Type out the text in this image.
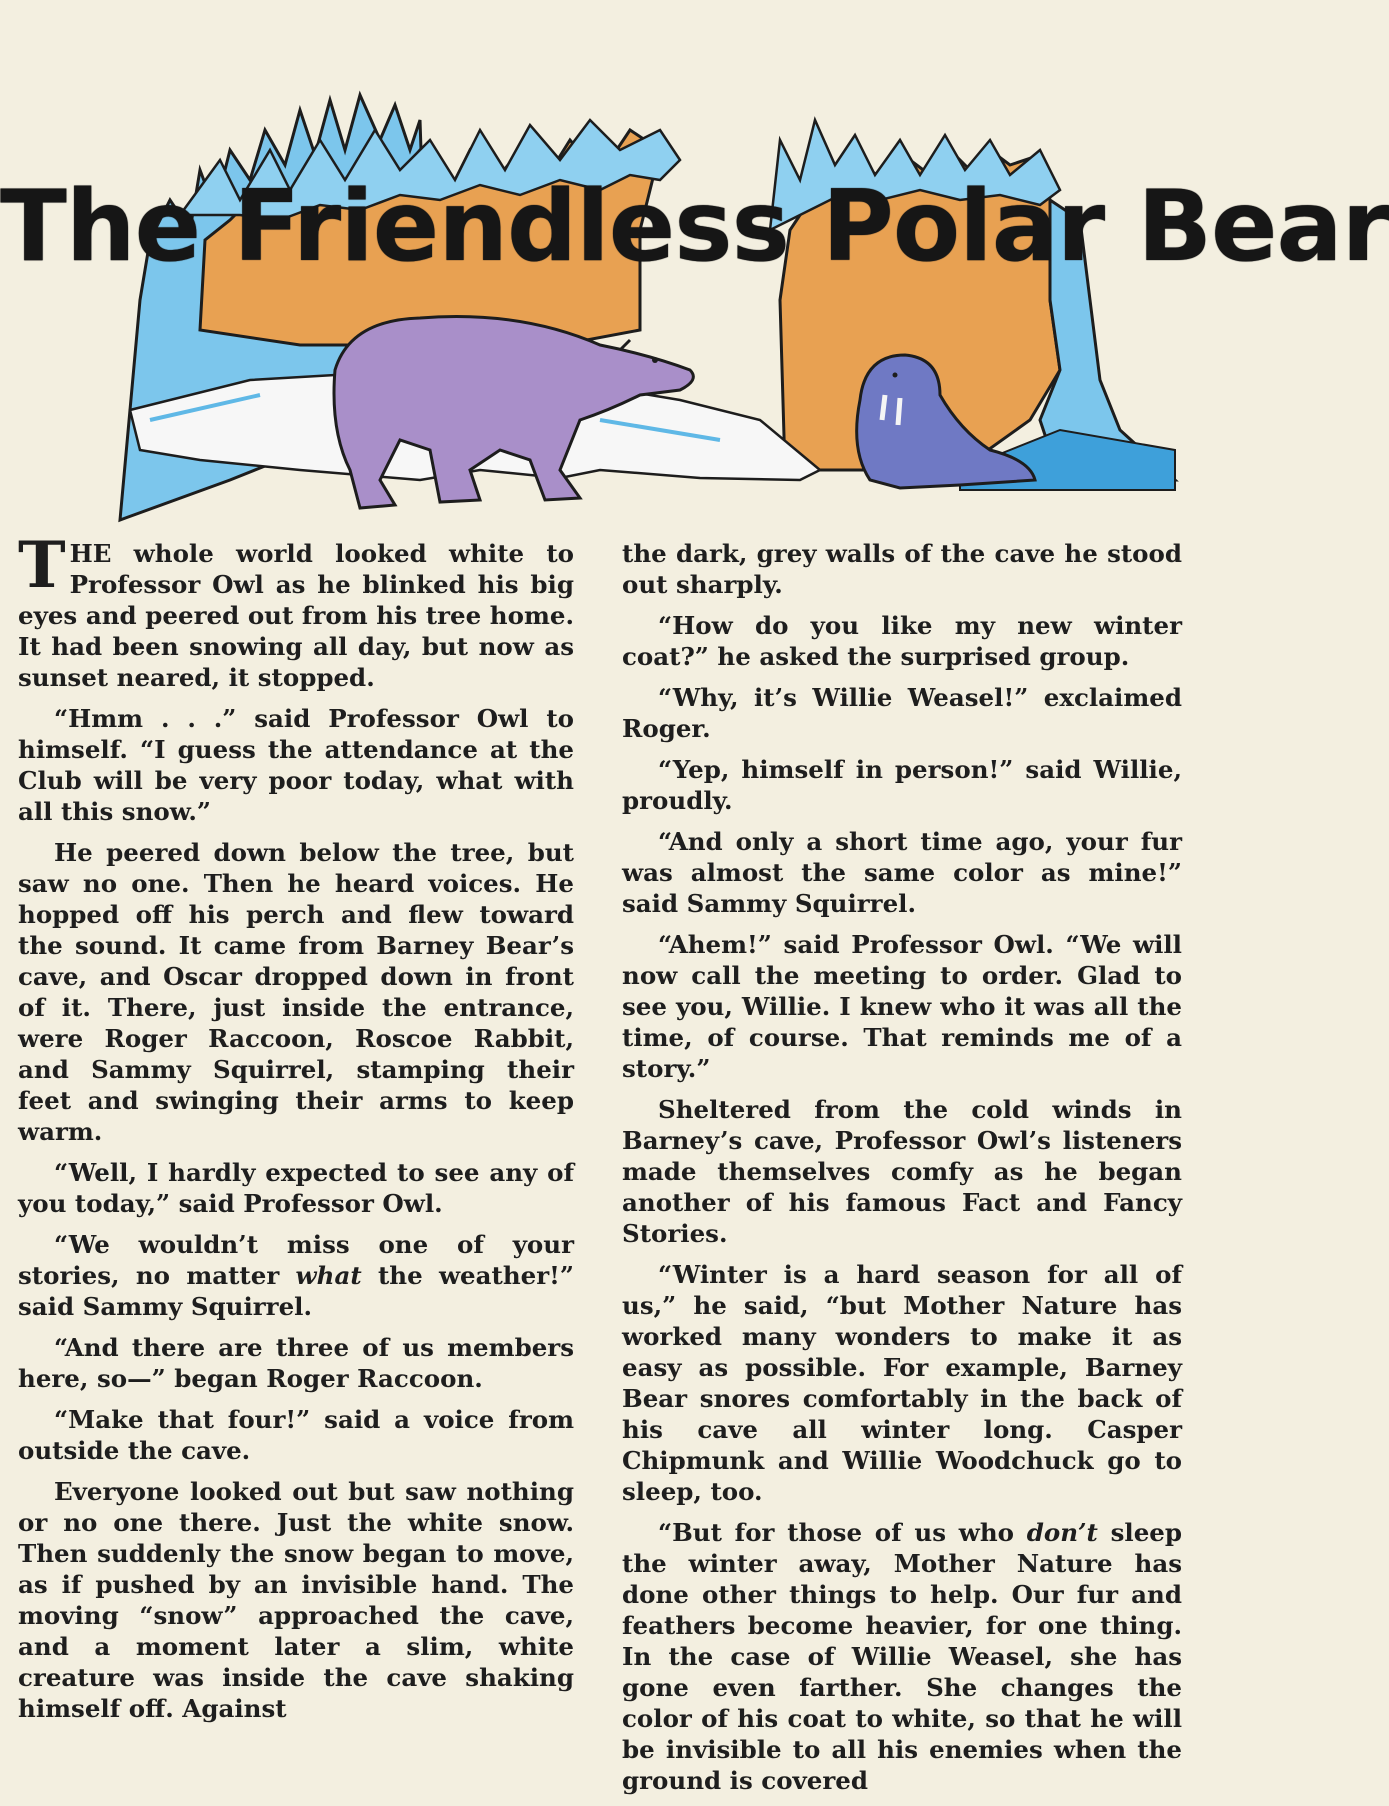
The Friendless Polar Bear

THE whole world looked white to Professor Owl as he blinked his big eyes and peered out from his tree home. It had been snowing all day, but now as sunset neared, it stopped.

“Hmm . . .” said Professor Owl to himself. “I guess the attendance at the Club will be very poor today, what with all this snow.”

He peered down below the tree, but saw no one. Then he heard voices. He hopped off his perch and flew toward the sound. It came from Barney Bear’s cave, and Oscar dropped down in front of it. There, just inside the entrance, were Roger Raccoon, Roscoe Rabbit, and Sammy Squirrel, stamping their feet and swinging their arms to keep warm.

“Well, I hardly expected to see any of you today,” said Professor Owl.

“We wouldn’t miss one of your stories, no matter what the weather!” said Sammy Squirrel.

“And there are three of us members here, so—” began Roger Raccoon.

“Make that four!” said a voice from outside the cave.

Everyone looked out but saw nothing or no one there. Just the white snow. Then suddenly the snow began to move, as if pushed by an invisible hand. The moving “snow” approached the cave, and a moment later a slim, white creature was inside the cave shaking himself off. Against

the dark, grey walls of the cave he stood out sharply.

“How do you like my new winter coat?” he asked the surprised group.

“Why, it’s Willie Weasel!” exclaimed Roger.

“Yep, himself in person!” said Willie, proudly.

“And only a short time ago, your fur was almost the same color as mine!” said Sammy Squirrel.

“Ahem!” said Professor Owl. “We will now call the meeting to order. Glad to see you, Willie. I knew who it was all the time, of course. That reminds me of a story.”

Sheltered from the cold winds in Barney’s cave, Professor Owl’s listeners made themselves comfy as he began another of his famous Fact and Fancy Stories.

“Winter is a hard season for all of us,” he said, “but Mother Nature has worked many wonders to make it as easy as possible. For example, Barney Bear snores comfortably in the back of his cave all winter long. Casper Chipmunk and Willie Woodchuck go to sleep, too.

“But for those of us who don’t sleep the winter away, Mother Nature has done other things to help. Our fur and feathers become heavier, for one thing. In the case of Willie Weasel, she has gone even farther. She changes the color of his coat to white, so that he will be invisible to all his enemies when the ground is covered
